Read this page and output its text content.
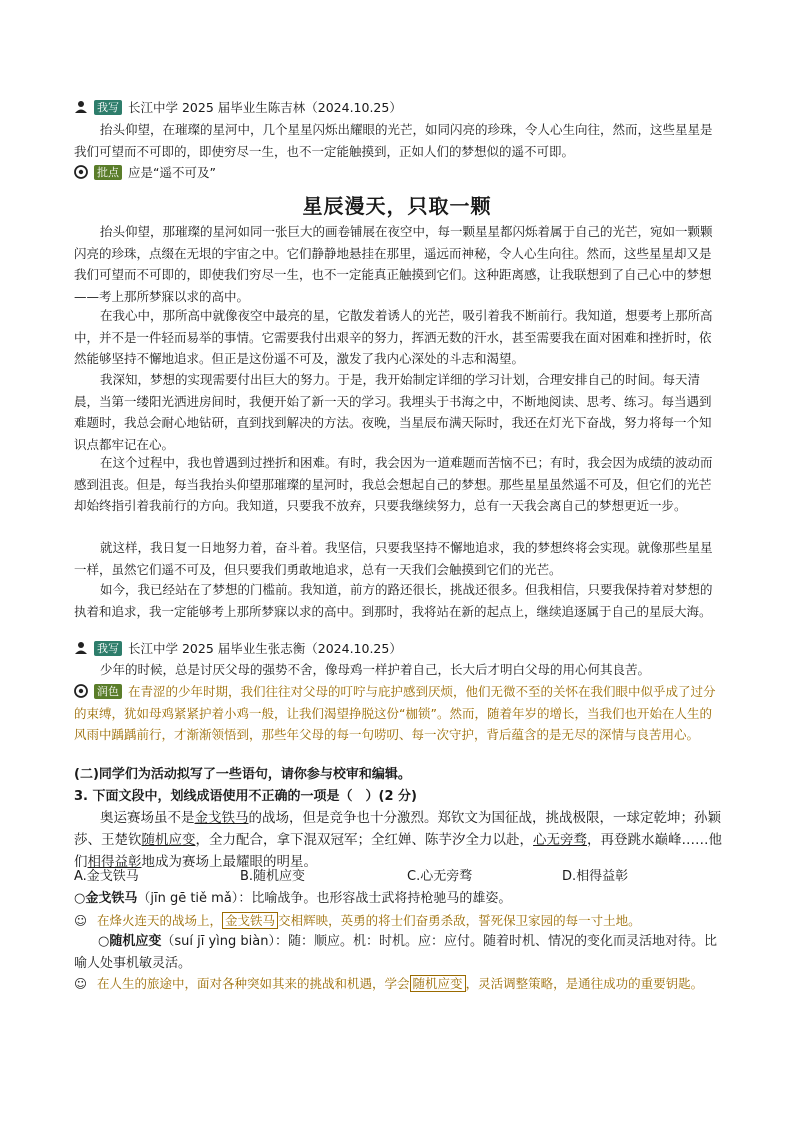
我写 长江中学 2025 届毕业生陈吉林（2024.10.25）
抬头仰望，在璀璨的星河中，几个星星闪烁出耀眼的光芒，如同闪亮的珍珠，令人心生向往，然而，这些星星是我们可望而不可即的，即使穷尽一生，也不一定能触摸到，正如人们的梦想似的遥不可即。
批点 应是“遥不可及”
星辰漫天，只取一颗
抬头仰望，那璀璨的星河如同一张巨大的画卷铺展在夜空中，每一颗星星都闪烁着属于自己的光芒，宛如一颗颗闪亮的珍珠，点缀在无垠的宇宙之中。它们静静地悬挂在那里，遥远而神秘，令人心生向往。然而，这些星星却又是我们可望而不可即的，即使我们穷尽一生，也不一定能真正触摸到它们。这种距离感，让我联想到了自己心中的梦想——考上那所梦寐以求的高中。
在我心中，那所高中就像夜空中最亮的星，它散发着诱人的光芒，吸引着我不断前行。我知道，想要考上那所高中，并不是一件轻而易举的事情。它需要我付出艰辛的努力，挥洒无数的汗水，甚至需要我在面对困难和挫折时，依然能够坚持不懈地追求。但正是这份遥不可及，激发了我内心深处的斗志和渴望。
我深知，梦想的实现需要付出巨大的努力。于是，我开始制定详细的学习计划，合理安排自己的时间。每天清晨，当第一缕阳光洒进房间时，我便开始了新一天的学习。我埋头于书海之中，不断地阅读、思考、练习。每当遇到难题时，我总会耐心地钻研，直到找到解决的方法。夜晚，当星辰布满天际时，我还在灯光下奋战，努力将每一个知识点都牢记在心。
在这个过程中，我也曾遇到过挫折和困难。有时，我会因为一道难题而苦恼不已；有时，我会因为成绩的波动而感到沮丧。但是，每当我抬头仰望那璀璨的星河时，我总会想起自己的梦想。那些星星虽然遥不可及，但它们的光芒却始终指引着我前行的方向。我知道，只要我不放弃，只要我继续努力，总有一天我会离自己的梦想更近一步。
就这样，我日复一日地努力着，奋斗着。我坚信，只要我坚持不懈地追求，我的梦想终将会实现。就像那些星星一样，虽然它们遥不可及，但只要我们勇敢地追求，总有一天我们会触摸到它们的光芒。
如今，我已经站在了梦想的门槛前。我知道，前方的路还很长，挑战还很多。但我相信，只要我保持着对梦想的执着和追求，我一定能够考上那所梦寐以求的高中。到那时，我将站在新的起点上，继续追逐属于自己的星辰大海。
我写 长江中学 2025 届毕业生张志衡（2024.10.25）
少年的时候，总是讨厌父母的强势不舍，像母鸡一样护着自己，长大后才明白父母的用心何其良苦。
润色 在青涩的少年时期，我们往往对父母的叮咛与庇护感到厌烦，他们无微不至的关怀在我们眼中似乎成了过分的束缚，犹如母鸡紧紧护着小鸡一般，让我们渴望挣脱这份“枷锁”。然而，随着年岁的增长，当我们也开始在人生的风雨中踽踽前行，才渐渐领悟到，那些年父母的每一句唠叨、每一次守护，背后蕴含的是无尽的深情与良苦用心。
(二)同学们为活动拟写了一些语句，请你参与校审和编辑。
3. 下面文段中，划线成语使用不正确的一项是（　）(2 分)
奥运赛场虽不是金戈铁马的战场，但是竞争也十分激烈。郑钦文为国征战，挑战极限，一球定乾坤；孙颖莎、王楚钦随机应变，全力配合，拿下混双冠军；全红婵、陈芋汐全力以赴，心无旁骛，再登跳水巅峰……他们相得益彰地成为赛场上最耀眼的明星。
A.金戈铁马	B.随机应变	C.心无旁骛	D.相得益彰
○金戈铁马（jīn gē tiě mǎ）：比喻战争。也形容战士武将持枪驰马的雄姿。
☺ 在烽火连天的战场上， 金戈铁马 交相辉映，英勇的将士们奋勇杀敌，誓死保卫家园的每一寸土地。
○随机应变（suí jī yìng biàn）：随：顺应。机：时机。应：应付。随着时机、情况的变化而灵活地对待。比喻人处事机敏灵活。
☺ 在人生的旅途中，面对各种突如其来的挑战和机遇，学会 随机应变 ，灵活调整策略，是通往成功的重要钥匙。
